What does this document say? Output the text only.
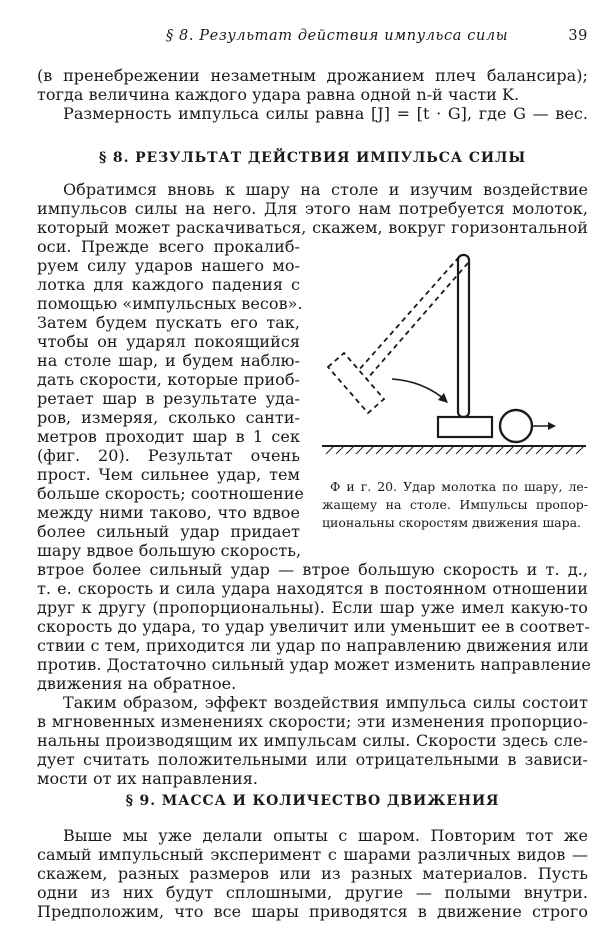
§ 8. Результат действия импульса силы	39
(в пренебрежении незаметным дрожанием плеч балансира);
тогда величина каждого удара равна одной n-й части K.
Размерность импульса силы равна [J] = [t · G], где G — вес.
§ 8. РЕЗУЛЬТАТ ДЕЙСТВИЯ ИМПУЛЬСА СИЛЫ
Обратимся вновь к шару на столе и изучим воздействие
импульсов силы на него. Для этого нам потребуется молоток,
который может раскачиваться, скажем, вокруг горизонтальной
оси. Прежде всего прокалиб-
руем силу ударов нашего мо-
лотка для каждого падения с
помощью «импульсных весов».
Затем будем пускать его так,
чтобы он ударял покоящийся
на столе шар, и будем наблю-
дать скорости, которые приоб-
ретает шар в результате уда-
ров, измеряя, сколько санти-
метров проходит шар в 1 сек
(фиг. 20). Результат очень
прост. Чем сильнее удар, тем
больше скорость; соотношение
между ними таково, что вдвое
более сильный удар придает
шару вдвое большую скорость,
втрое более сильный удар — втрое большую скорость и т. д.,
т. е. скорость и сила удара находятся в постоянном отношении
друг к другу (пропорциональны). Если шар уже имел какую-то
скорость до удара, то удар увеличит или уменьшит ее в соответ-
ствии с тем, приходится ли удар по направлению движения или
против. Достаточно сильный удар может изменить направление
движения на обратное.
Таким образом, эффект воздействия импульса силы состоит
в мгновенных изменениях скорости; эти изменения пропорцио-
нальны производящим их импульсам силы. Скорости здесь сле-
дует считать положительными или отрицательными в зависи-
мости от их направления.
Ф и г. 20. Удар молотка по шару, ле-
жащему на столе. Импульсы пропор-
циональны скоростям движения шара.
§ 9. МАССА И КОЛИЧЕСТВО ДВИЖЕНИЯ
Выше мы уже делали опыты с шаром. Повторим тот же
самый импульсный эксперимент с шарами различных видов —
скажем, разных размеров или из разных материалов. Пусть
одни из них будут сплошными, другие — полыми внутри.
Предположим, что все шары приводятся в движение строго
